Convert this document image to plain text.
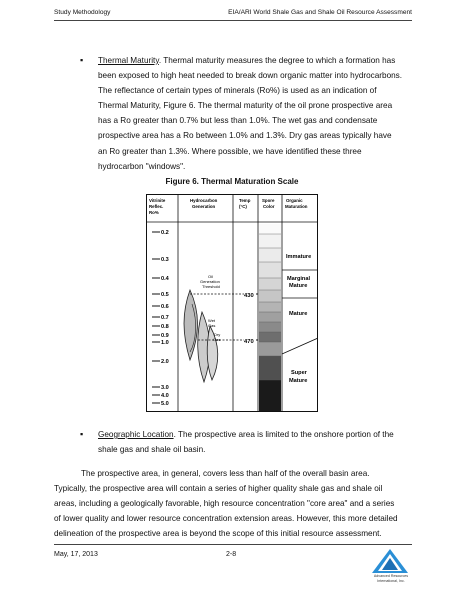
Study Methodology	EIA/ARI World Shale Gas and Shale Oil Resource Assessment
▪ Thermal Maturity. Thermal maturity measures the degree to which a formation has
been exposed to high heat needed to break down organic matter into hydrocarbons.
The reflectance of certain types of minerals (Ro%) is used as an indication of
Thermal Maturity, Figure 6. The thermal maturity of the oil prone prospective area
has a Ro greater than 0.7% but less than 1.0%. The wet gas and condensate
prospective area has a Ro between 1.0% and 1.3%. Dry gas areas typically have
an Ro greater than 1.3%. Where possible, we have identified these three
hydrocarbon "windows".
Figure 6. Thermal Maturation Scale
Vitrinite
Reflec.
Ro%
Hydrocarbon
Generation
Temp
(°C)
Spore
Color
Organic
Maturation
0.2
0.3
0.4
0.5
0.6
0.7
0.8
0.9
1.0
2.0
3.0
4.0
5.0
Oil
Generation
Threshold
Wet
Gas
Dry
Gas
430
470
Immature
Marginal
Mature
Mature
Super
Mature
▪ Geographic Location. The prospective area is limited to the onshore portion of the
shale gas and shale oil basin.
The prospective area, in general, covers less than half of the overall basin area.
Typically, the prospective area will contain a series of higher quality shale gas and shale oil
areas, including a geologically favorable, high resource concentration "core area" and a series
of lower quality and lower resource concentration extension areas. However, this more detailed
delineation of the prospective area is beyond the scope of this initial resource assessment.
May, 17, 2013	2-8
Advanced Resources
International, Inc.
